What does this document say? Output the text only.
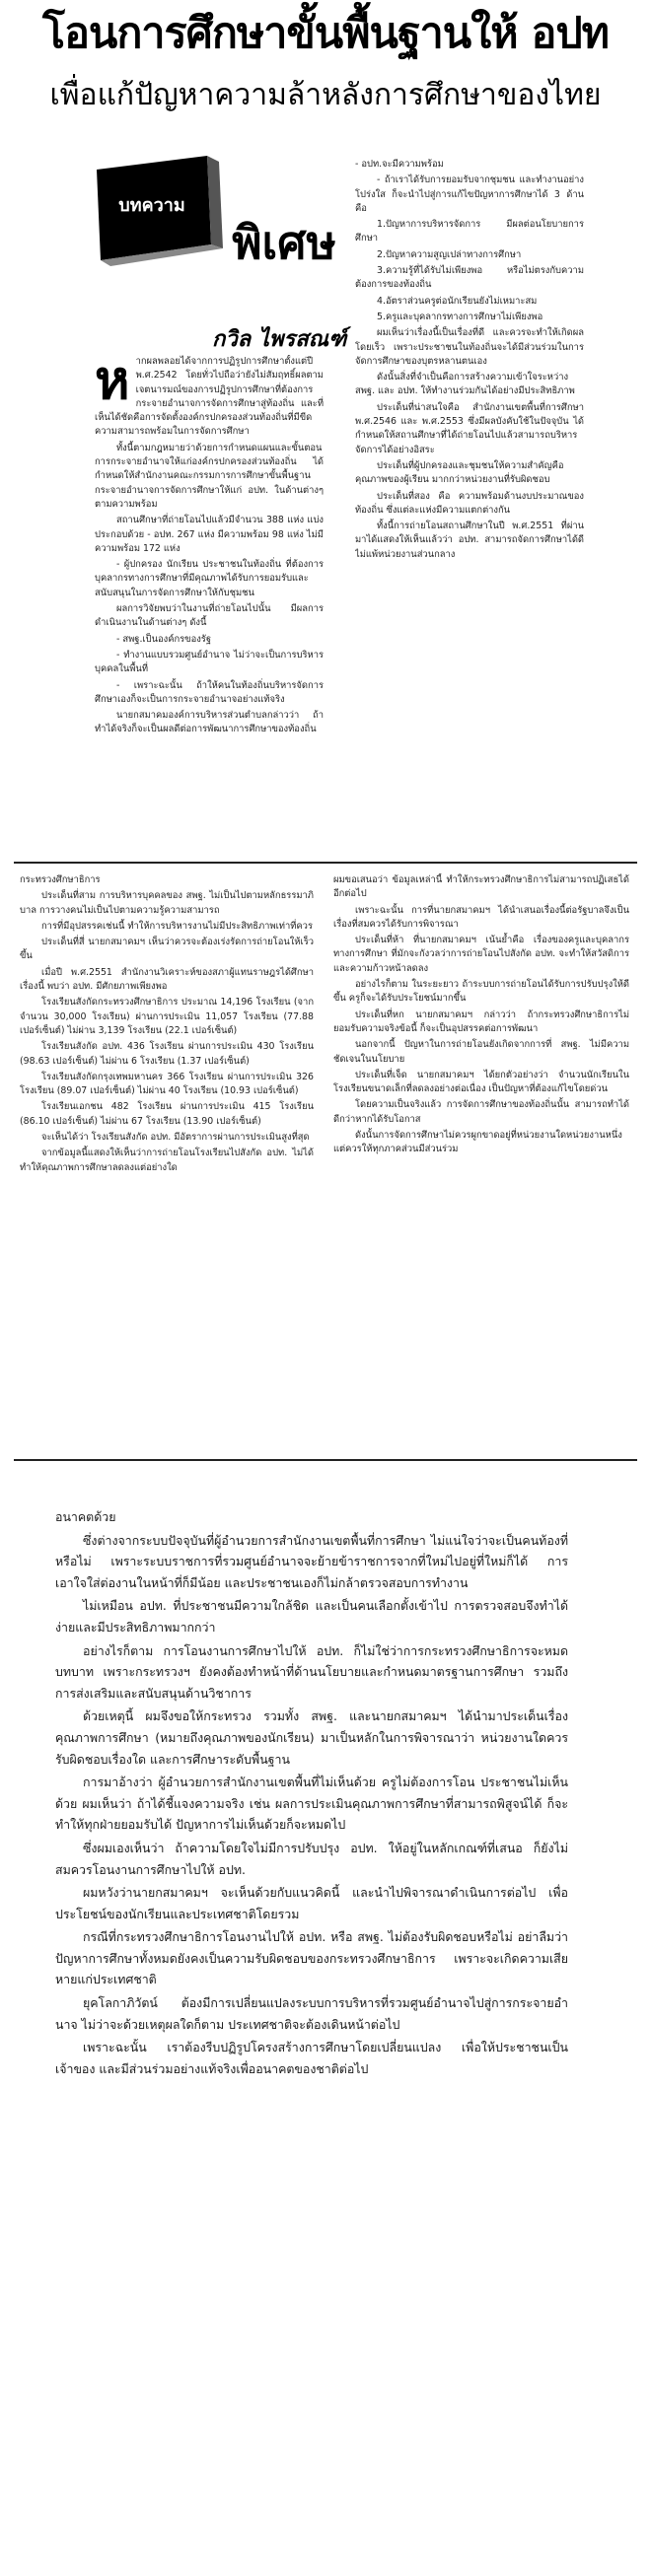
โอนการศึกษาขั้นพื้นฐานให้ อปท
เพื่อแก้ปัญหาความล้าหลังการศึกษาของไทย
บทความ
พิเศษ
กวิล ไพรสณฑ์
ห ากผลพลอยได้จากการปฏิรูปการศึกษาตั้งแต่ปี พ.ศ.2542 โดยทั่วไปถือว่ายังไม่สัมฤทธิ์ผลตามเจตนารมณ์ของการปฏิรูปการศึกษาที่ต้องการกระจายอำนาจการจัดการศึกษาสู่ท้องถิ่น และที่เห็นได้ชัดคือการจัดตั้งองค์กรปกครองส่วนท้องถิ่นที่มีขีดความสามารถพร้อมในการจัดการศึกษา

ทั้งนี้ตามกฎหมายว่าด้วยการกำหนดแผนและขั้นตอนการกระจายอำนาจให้แก่องค์กรปกครองส่วนท้องถิ่น ได้กำหนดให้สำนักงานคณะกรรมการการศึกษาขั้นพื้นฐานกระจายอำนาจการจัดการศึกษาให้แก่ อปท. ในด้านต่างๆ ตามความพร้อม

สถานศึกษาที่ถ่ายโอนไปแล้วมีจำนวน 388 แห่ง แบ่งประกอบด้วย - อปท. 267 แห่ง มีความพร้อม 98 แห่ง ไม่มีความพร้อม 172 แห่ง

- ผู้ปกครอง นักเรียน ประชาชนในท้องถิ่น ที่ต้องการบุคลากรทางการศึกษาที่มีคุณภาพได้รับการยอมรับและสนับสนุนในการจัดการศึกษาให้กับชุมชน

ผลการวิจัยพบว่าในงานที่ถ่ายโอนไปนั้น มีผลการดำเนินงานในด้านต่างๆ ดังนี้

- สพฐ.เป็นองค์กรของรัฐ

- ทำงานแบบรวมศูนย์อำนาจ ไม่ว่าจะเป็นการบริหารบุคคลในพื้นที่

- เพราะฉะนั้น ถ้าให้คนในท้องถิ่นบริหารจัดการศึกษาเองก็จะเป็นการกระจายอำนาจอย่างแท้จริง

นายกสมาคมองค์การบริหารส่วนตำบลกล่าวว่า ถ้าทำได้จริงก็จะเป็นผลดีต่อการพัฒนาการศึกษาของท้องถิ่น

- อปท.จะมีความพร้อม

- ถ้าเราได้รับการยอมรับจากชุมชน และทำงานอย่างโปร่งใส ก็จะนำไปสู่การแก้ไขปัญหาการศึกษาได้ 3 ด้านคือ

1.ปัญหาการบริหารจัดการ มีผลต่อนโยบายการศึกษา

2.ปัญหาความสูญเปล่าทางการศึกษา

3.ความรู้ที่ได้รับไม่เพียงพอ หรือไม่ตรงกับความต้องการของท้องถิ่น

4.อัตราส่วนครูต่อนักเรียนยังไม่เหมาะสม

5.ครูและบุคลากรทางการศึกษาไม่เพียงพอ

ผมเห็นว่าเรื่องนี้เป็นเรื่องที่ดี และควรจะทำให้เกิดผลโดยเร็ว เพราะประชาชนในท้องถิ่นจะได้มีส่วนร่วมในการจัดการศึกษาของบุตรหลานตนเอง

ดังนั้นสิ่งที่จำเป็นคือการสร้างความเข้าใจระหว่าง สพฐ. และ อปท. ให้ทำงานร่วมกันได้อย่างมีประสิทธิภาพ

ประเด็นที่น่าสนใจคือ สำนักงานเขตพื้นที่การศึกษา พ.ศ.2546 และ พ.ศ.2553 ซึ่งมีผลบังคับใช้ในปัจจุบัน ได้กำหนดให้สถานศึกษาที่ได้ถ่ายโอนไปแล้วสามารถบริหารจัดการได้อย่างอิสระ

ประเด็นที่ผู้ปกครองและชุมชนให้ความสำคัญคือ คุณภาพของผู้เรียน มากกว่าหน่วยงานที่รับผิดชอบ

ประเด็นที่สอง คือ ความพร้อมด้านงบประมาณของท้องถิ่น ซึ่งแต่ละแห่งมีความแตกต่างกัน

ทั้งนี้การถ่ายโอนสถานศึกษาในปี พ.ศ.2551 ที่ผ่านมาได้แสดงให้เห็นแล้วว่า อปท. สามารถจัดการศึกษาได้ดีไม่แพ้หน่วยงานส่วนกลาง

กระทรวงศึกษาธิการ

ประเด็นที่สาม การบริหารบุคคลของ สพฐ. ไม่เป็นไปตามหลักธรรมาภิบาล การวางคนไม่เป็นไปตามความรู้ความสามารถ

การที่มีอุปสรรคเช่นนี้ ทำให้การบริหารงานไม่มีประสิทธิภาพเท่าที่ควร

ประเด็นที่สี่ นายกสมาคมฯ เห็นว่าควรจะต้องเร่งรัดการถ่ายโอนให้เร็วขึ้น

เมื่อปี พ.ศ.2551 สำนักงานวิเคราะห์ของสภาผู้แทนราษฎรได้ศึกษาเรื่องนี้ พบว่า อปท. มีศักยภาพเพียงพอ

โรงเรียนสังกัดกระทรวงศึกษาธิการ ประมาณ 14,196 โรงเรียน (จากจำนวน 30,000 โรงเรียน) ผ่านการประเมิน 11,057 โรงเรียน (77.88 เปอร์เซ็นต์) ไม่ผ่าน 3,139 โรงเรียน (22.1 เปอร์เซ็นต์)

โรงเรียนสังกัด อปท. 436 โรงเรียน ผ่านการประเมิน 430 โรงเรียน (98.63 เปอร์เซ็นต์) ไม่ผ่าน 6 โรงเรียน (1.37 เปอร์เซ็นต์)

โรงเรียนสังกัดกรุงเทพมหานคร 366 โรงเรียน ผ่านการประเมิน 326 โรงเรียน (89.07 เปอร์เซ็นต์) ไม่ผ่าน 40 โรงเรียน (10.93 เปอร์เซ็นต์)

โรงเรียนเอกชน 482 โรงเรียน ผ่านการประเมิน 415 โรงเรียน (86.10 เปอร์เซ็นต์) ไม่ผ่าน 67 โรงเรียน (13.90 เปอร์เซ็นต์)

จะเห็นได้ว่า โรงเรียนสังกัด อปท. มีอัตราการผ่านการประเมินสูงที่สุด

จากข้อมูลนี้แสดงให้เห็นว่าการถ่ายโอนโรงเรียนไปสังกัด อปท. ไม่ได้ทำให้คุณภาพการศึกษาลดลงแต่อย่างใด

ผมขอเสนอว่า ข้อมูลเหล่านี้ ทำให้กระทรวงศึกษาธิการไม่สามารถปฏิเสธได้อีกต่อไป

เพราะฉะนั้น การที่นายกสมาคมฯ ได้นำเสนอเรื่องนี้ต่อรัฐบาลจึงเป็นเรื่องที่สมควรได้รับการพิจารณา

ประเด็นที่ห้า ที่นายกสมาคมฯ เน้นย้ำคือ เรื่องของครูและบุคลากรทางการศึกษา ที่มักจะกังวลว่าการถ่ายโอนไปสังกัด อปท. จะทำให้สวัสดิการและความก้าวหน้าลดลง

อย่างไรก็ตาม ในระยะยาว ถ้าระบบการถ่ายโอนได้รับการปรับปรุงให้ดีขึ้น ครูก็จะได้รับประโยชน์มากขึ้น

ประเด็นที่หก นายกสมาคมฯ กล่าวว่า ถ้ากระทรวงศึกษาธิการไม่ยอมรับความจริงข้อนี้ ก็จะเป็นอุปสรรคต่อการพัฒนา

นอกจากนี้ ปัญหาในการถ่ายโอนยังเกิดจากการที่ สพฐ. ไม่มีความชัดเจนในนโยบาย

ประเด็นที่เจ็ด นายกสมาคมฯ ได้ยกตัวอย่างว่า จำนวนนักเรียนในโรงเรียนขนาดเล็กที่ลดลงอย่างต่อเนื่อง เป็นปัญหาที่ต้องแก้ไขโดยด่วน

โดยความเป็นจริงแล้ว การจัดการศึกษาของท้องถิ่นนั้น สามารถทำได้ดีกว่าหากได้รับโอกาส

ดังนั้นการจัดการศึกษาไม่ควรผูกขาดอยู่ที่หน่วยงานใดหน่วยงานหนึ่ง แต่ควรให้ทุกภาคส่วนมีส่วนร่วม

อนาคตด้วย

ซึ่งต่างจากระบบปัจจุบันที่ผู้อำนวยการสำนักงานเขตพื้นที่การศึกษา ไม่แน่ใจว่าจะเป็นคนท้องที่หรือไม่ เพราะระบบราชการที่รวมศูนย์อำนาจจะย้ายข้าราชการจากที่ใหม่ไปอยู่ที่ใหม่ก็ได้ การเอาใจใส่ต่องานในหน้าที่ก็มีน้อย และประชาชนเองก็ไม่กล้าตรวจสอบการทำงาน

ไม่เหมือน อปท. ที่ประชาชนมีความใกล้ชิด และเป็นคนเลือกตั้งเข้าไป การตรวจสอบจึงทำได้ง่ายและมีประสิทธิภาพมากกว่า

อย่างไรก็ตาม การโอนงานการศึกษาไปให้ อปท. ก็ไม่ใช่ว่าการกระทรวงศึกษาธิการจะหมดบทบาท เพราะกระทรวงฯ ยังคงต้องทำหน้าที่ด้านนโยบายและกำหนดมาตรฐานการศึกษา รวมถึงการส่งเสริมและสนับสนุนด้านวิชาการ

ด้วยเหตุนี้ ผมจึงขอให้กระทรวง รวมทั้ง สพฐ. และนายกสมาคมฯ ได้นำมาประเด็นเรื่องคุณภาพการศึกษา (หมายถึงคุณภาพของนักเรียน) มาเป็นหลักในการพิจารณาว่า หน่วยงานใดควรรับผิดชอบเรื่องใด และการศึกษาระดับพื้นฐาน

การมาอ้างว่า ผู้อำนวยการสำนักงานเขตพื้นที่ไม่เห็นด้วย ครูไม่ต้องการโอน ประชาชนไม่เห็นด้วย ผมเห็นว่า ถ้าได้ชี้แจงความจริง เช่น ผลการประเมินคุณภาพการศึกษาที่สามารถพิสูจน์ได้ ก็จะทำให้ทุกฝ่ายยอมรับได้ ปัญหาการไม่เห็นด้วยก็จะหมดไป

ซึ่งผมเองเห็นว่า ถ้าความโดยใจไม่มีการปรับปรุง อปท. ให้อยู่ในหลักเกณฑ์ที่เสนอ ก็ยังไม่สมควรโอนงานการศึกษาไปให้ อปท.

ผมหวังว่านายกสมาคมฯ จะเห็นด้วยกับแนวคิดนี้ และนำไปพิจารณาดำเนินการต่อไป เพื่อประโยชน์ของนักเรียนและประเทศชาติโดยรวม

กรณีที่กระทรวงศึกษาธิการโอนงานไปให้ อปท. หรือ สพฐ. ไม่ต้องรับผิดชอบหรือไม่ อย่าลืมว่า ปัญหาการศึกษาทั้งหมดยังคงเป็นความรับผิดชอบของกระทรวงศึกษาธิการ เพราะจะเกิดความเสียหายแก่ประเทศชาติ

ยุคโลกาภิวัตน์ ต้องมีการเปลี่ยนแปลงระบบการบริหารที่รวมศูนย์อำนาจไปสู่การกระจายอำนาจ ไม่ว่าจะด้วยเหตุผลใดก็ตาม ประเทศชาติจะต้องเดินหน้าต่อไป

เพราะฉะนั้น เราต้องรีบปฏิรูปโครงสร้างการศึกษาโดยเปลี่ยนแปลง เพื่อให้ประชาชนเป็นเจ้าของ และมีส่วนร่วมอย่างแท้จริงเพื่ออนาคตของชาติต่อไป
